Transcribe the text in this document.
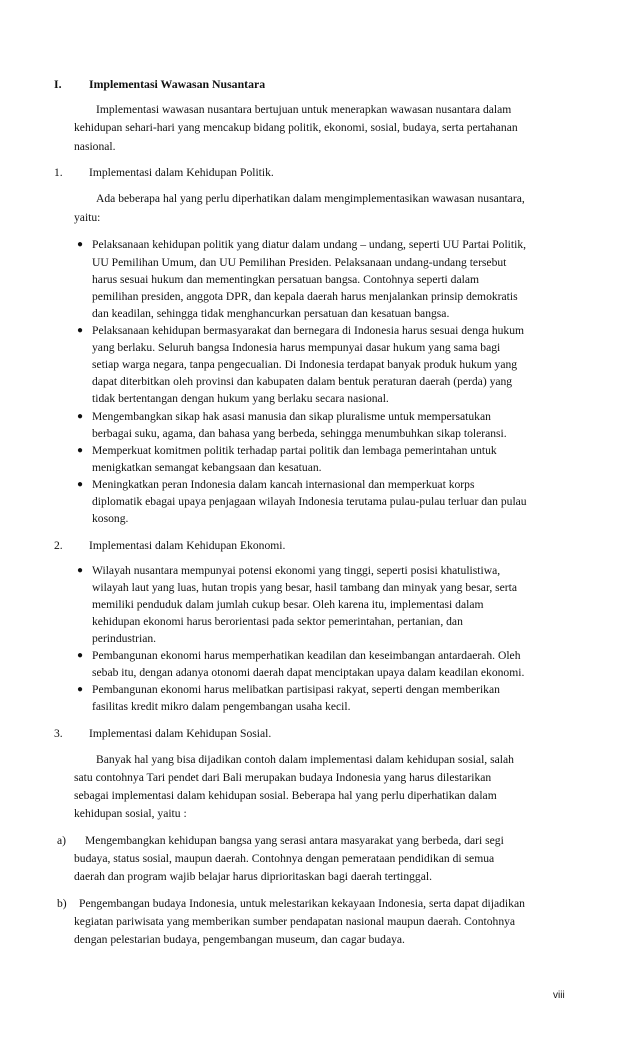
I. Implementasi Wawasan Nusantara
Implementasi wawasan nusantara bertujuan untuk menerapkan wawasan nusantara dalam
kehidupan sehari-hari yang mencakup bidang politik, ekonomi, sosial, budaya, serta pertahanan
nasional.
1. Implementasi dalam Kehidupan Politik.
Ada beberapa hal yang perlu diperhatikan dalam mengimplementasikan wawasan nusantara,
yaitu:
● Pelaksanaan kehidupan politik yang diatur dalam undang – undang, seperti UU Partai Politik,
UU Pemilihan Umum, dan UU Pemilihan Presiden. Pelaksanaan undang-undang tersebut
harus sesuai hukum dan mementingkan persatuan bangsa. Contohnya seperti dalam
pemilihan presiden, anggota DPR, dan kepala daerah harus menjalankan prinsip demokratis
dan keadilan, sehingga tidak menghancurkan persatuan dan kesatuan bangsa.
● Pelaksanaan kehidupan bermasyarakat dan bernegara di Indonesia harus sesuai denga hukum
yang berlaku. Seluruh bangsa Indonesia harus mempunyai dasar hukum yang sama bagi
setiap warga negara, tanpa pengecualian. Di Indonesia terdapat banyak produk hukum yang
dapat diterbitkan oleh provinsi dan kabupaten dalam bentuk peraturan daerah (perda) yang
tidak bertentangan dengan hukum yang berlaku secara nasional.
● Mengembangkan sikap hak asasi manusia dan sikap pluralisme untuk mempersatukan
berbagai suku, agama, dan bahasa yang berbeda, sehingga menumbuhkan sikap toleransi.
● Memperkuat komitmen politik terhadap partai politik dan lembaga pemerintahan untuk
menigkatkan semangat kebangsaan dan kesatuan.
● Meningkatkan peran Indonesia dalam kancah internasional dan memperkuat korps
diplomatik ebagai upaya penjagaan wilayah Indonesia terutama pulau-pulau terluar dan pulau
kosong.
2. Implementasi dalam Kehidupan Ekonomi.
● Wilayah nusantara mempunyai potensi ekonomi yang tinggi, seperti posisi khatulistiwa,
wilayah laut yang luas, hutan tropis yang besar, hasil tambang dan minyak yang besar, serta
memiliki penduduk dalam jumlah cukup besar. Oleh karena itu, implementasi dalam
kehidupan ekonomi harus berorientasi pada sektor pemerintahan, pertanian, dan
perindustrian.
● Pembangunan ekonomi harus memperhatikan keadilan dan keseimbangan antardaerah. Oleh
sebab itu, dengan adanya otonomi daerah dapat menciptakan upaya dalam keadilan ekonomi.
● Pembangunan ekonomi harus melibatkan partisipasi rakyat, seperti dengan memberikan
fasilitas kredit mikro dalam pengembangan usaha kecil.
3. Implementasi dalam Kehidupan Sosial.
Banyak hal yang bisa dijadikan contoh dalam implementasi dalam kehidupan sosial, salah
satu contohnya Tari pendet dari Bali merupakan budaya Indonesia yang harus dilestarikan
sebagai implementasi dalam kehidupan sosial. Beberapa hal yang perlu diperhatikan dalam
kehidupan sosial, yaitu :
a) Mengembangkan kehidupan bangsa yang serasi antara masyarakat yang berbeda, dari segi
budaya, status sosial, maupun daerah. Contohnya dengan pemerataan pendidikan di semua
daerah dan program wajib belajar harus diprioritaskan bagi daerah tertinggal.
b) Pengembangan budaya Indonesia, untuk melestarikan kekayaan Indonesia, serta dapat dijadikan
kegiatan pariwisata yang memberikan sumber pendapatan nasional maupun daerah. Contohnya
dengan pelestarian budaya, pengembangan museum, dan cagar budaya.
viii
